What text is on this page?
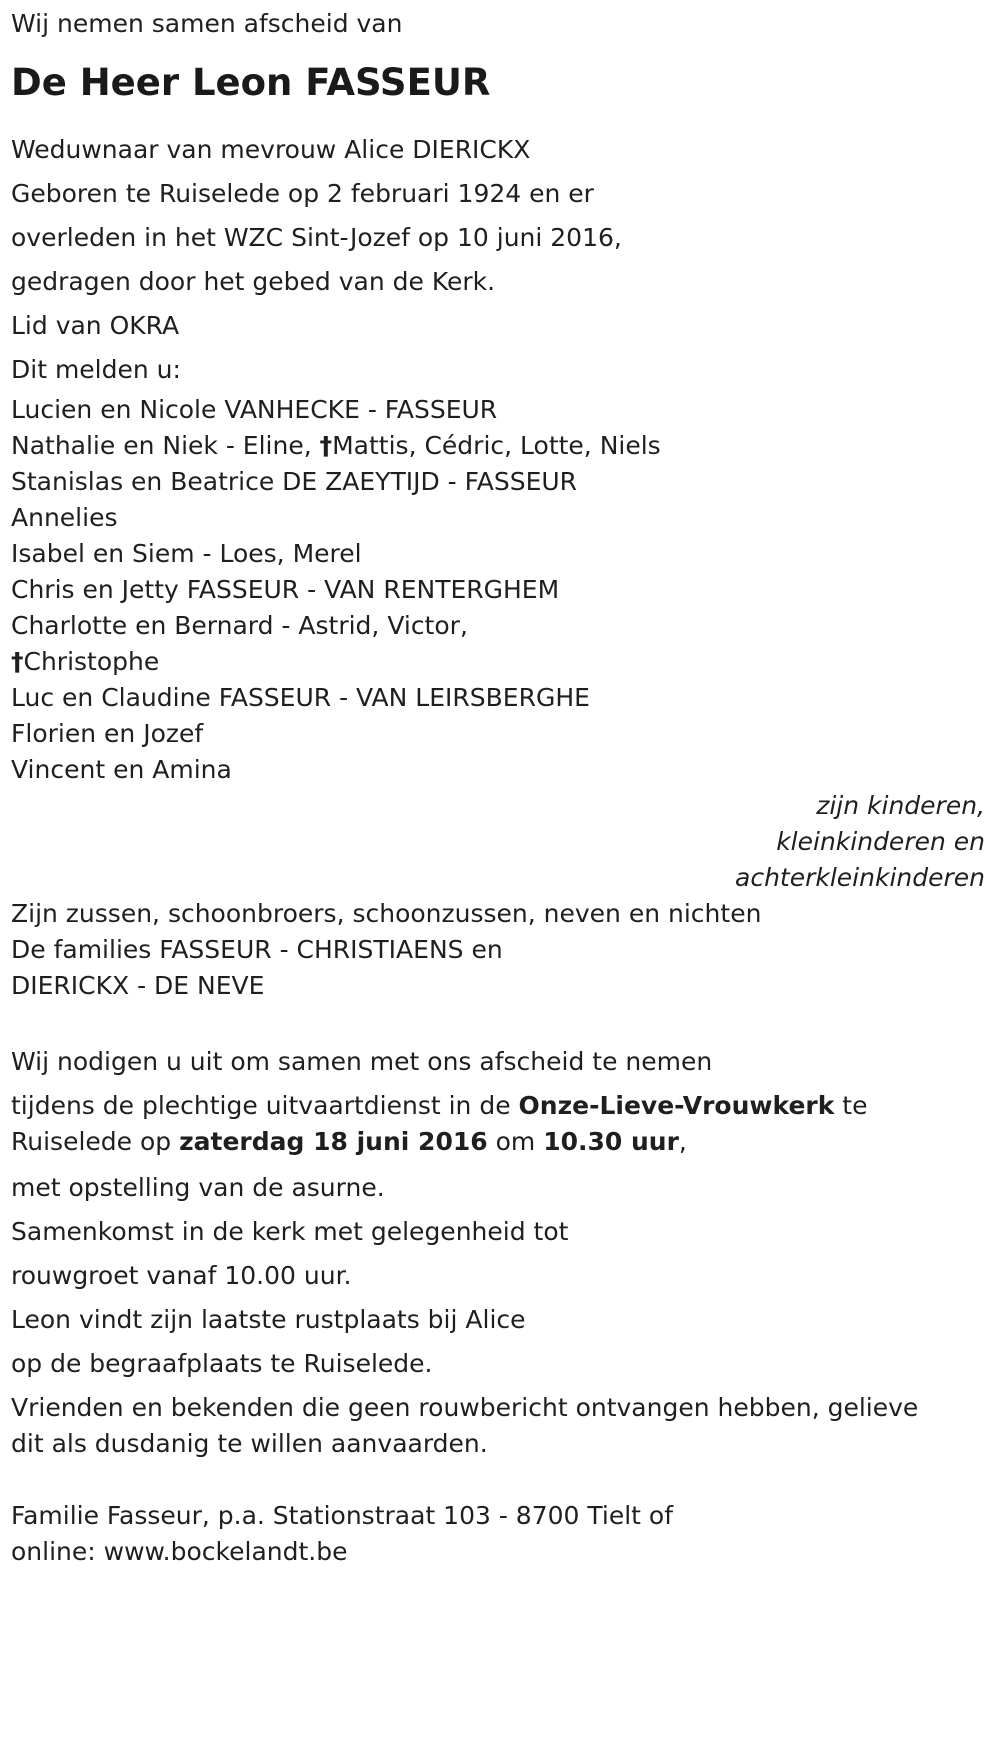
Wij nemen samen afscheid van

De Heer Leon FASSEUR

Weduwnaar van mevrouw Alice DIERICKX

Geboren te Ruiselede op 2 februari 1924 en er

overleden in het WZC Sint-Jozef op 10 juni 2016,

gedragen door het gebed van de Kerk.

Lid van OKRA

Dit melden u:

Lucien en Nicole VANHECKE - FASSEUR

Nathalie en Niek - Eline, †Mattis, Cédric, Lotte, Niels

Stanislas en Beatrice DE ZAEYTIJD - FASSEUR

Annelies

Isabel en Siem - Loes, Merel

Chris en Jetty FASSEUR - VAN RENTERGHEM

Charlotte en Bernard - Astrid, Victor,

†Christophe

Luc en Claudine FASSEUR - VAN LEIRSBERGHE

Florien en Jozef

Vincent en Amina

zijn kinderen,

kleinkinderen en

achterkleinkinderen

Zijn zussen, schoonbroers, schoonzussen, neven en nichten

De families FASSEUR - CHRISTIAENS en

DIERICKX - DE NEVE

Wij nodigen u uit om samen met ons afscheid te nemen

tijdens de plechtige uitvaartdienst in de Onze-Lieve-Vrouwkerk te

Ruiselede op zaterdag 18 juni 2016 om 10.30 uur,

met opstelling van de asurne.

Samenkomst in de kerk met gelegenheid tot

rouwgroet vanaf 10.00 uur.

Leon vindt zijn laatste rustplaats bij Alice

op de begraafplaats te Ruiselede.

Vrienden en bekenden die geen rouwbericht ontvangen hebben, gelieve

dit als dusdanig te willen aanvaarden.

Familie Fasseur, p.a. Stationstraat 103 - 8700 Tielt of

online: www.bockelandt.be
